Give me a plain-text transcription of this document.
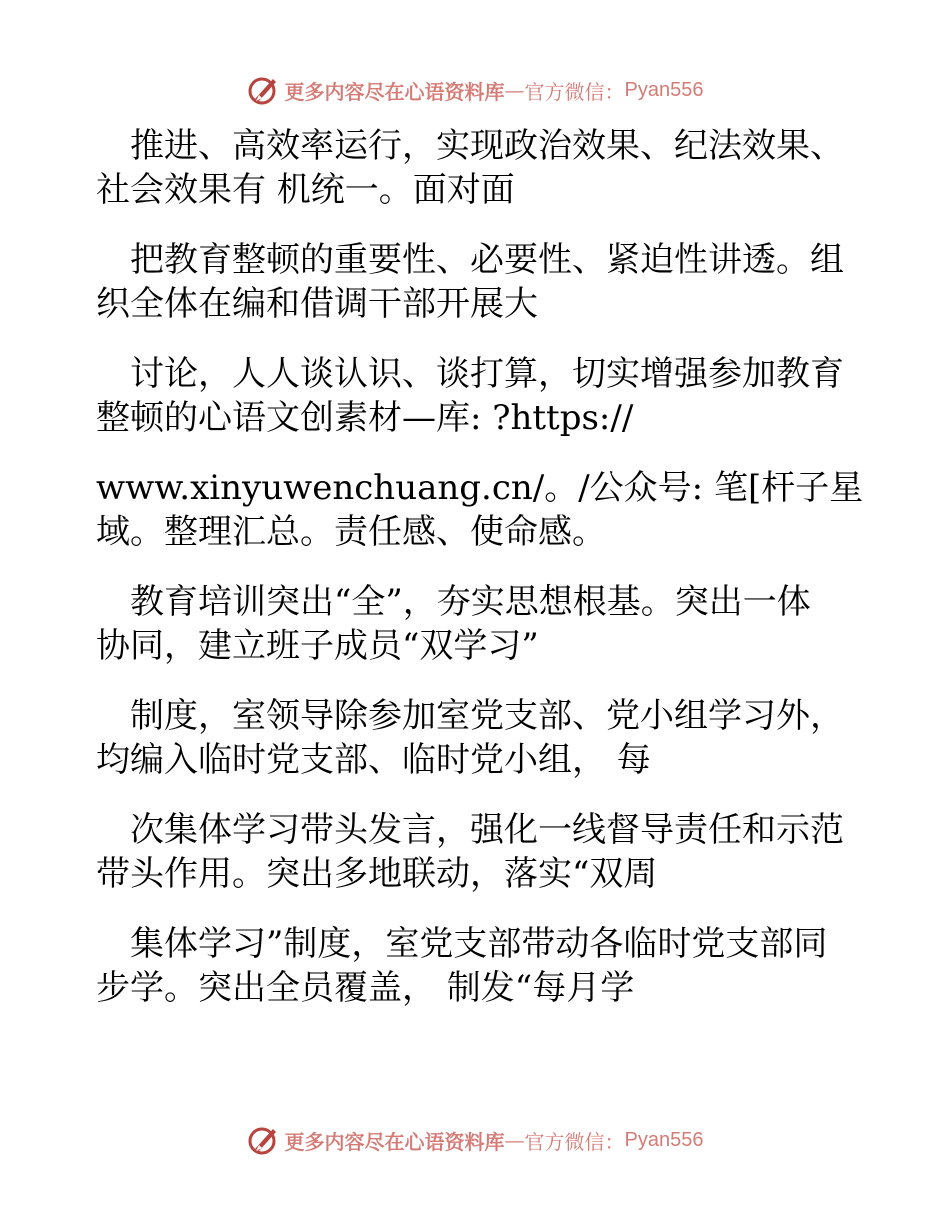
更多内容尽在心语资料库 — 官方微信： Pyan556
　推进、高效率运行，实现政治效果、纪法效果、
社会效果有 机统一。面对面
　把教育整顿的重要性、必要性、紧迫性讲透。组
织全体在编和借调干部开展大
　讨论，人人谈认识、谈打算，切实增强参加教育
整顿的心语文创素材—库: ?https://
www.xinyuwenchuang.cn/。/公众号: 笔[杆子星
域。整理汇总。责任感、使命感。
　教育培训突出“全”，夯实思想根基。突出一体
协同，建立班子成员“双学习”
　制度，室领导除参加室党支部、党小组学习外，
均编入临时党支部、临时党小组， 每
　次集体学习带头发言，强化一线督导责任和示范
带头作用。突出多地联动，落实“双周
　集体学习”制度，室党支部带动各临时党支部同
步学。突出全员覆盖， 制发“每月学
更多内容尽在心语资料库 — 官方微信： Pyan556
